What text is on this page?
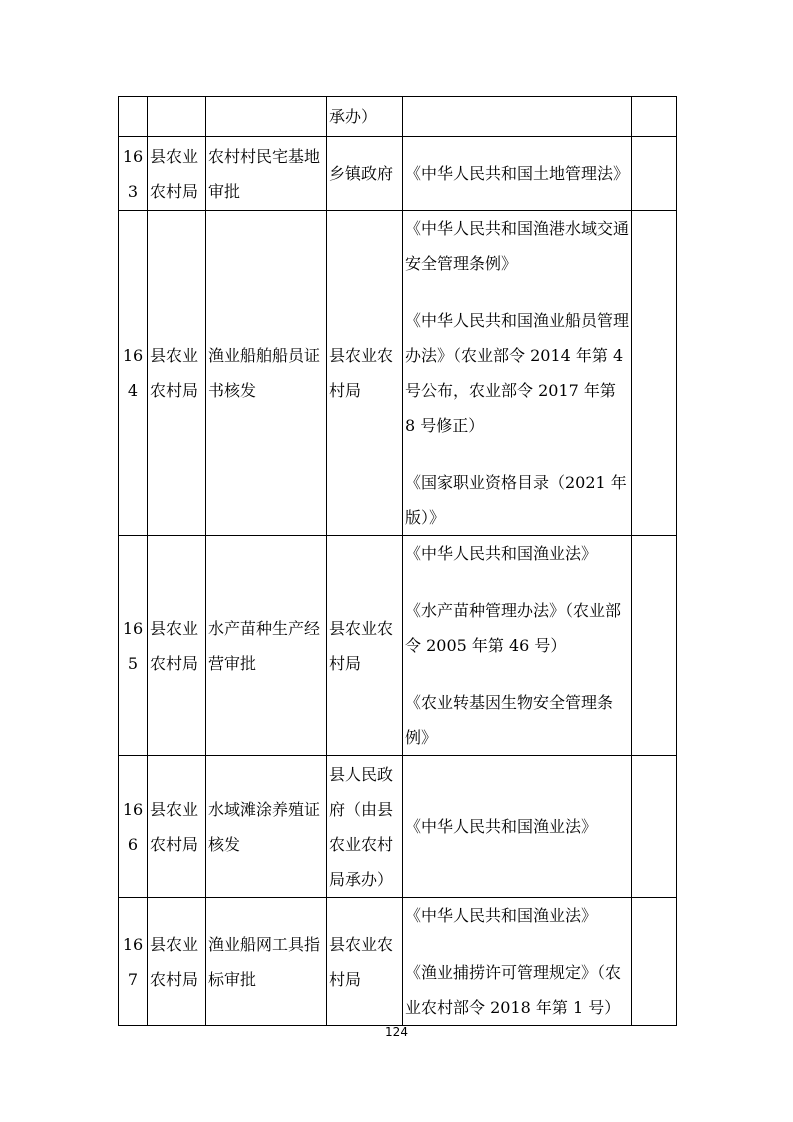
			承办）	

163	县农业农村局	农村村民宅基地审批	乡镇政府	《中华人民共和国土地管理法》	

164	县农业农村局	渔业船舶船员证书核发	县农业农村局	《中华人民共和国渔港水域交通安全管理条例》
《中华人民共和国渔业船员管理办法》（农业部令 2014 年第 4 号公布，农业部令 2017 年第 8 号修正）
《国家职业资格目录（2021 年版）》	

165	县农业农村局	水产苗种生产经营审批	县农业农村局	《中华人民共和国渔业法》
《水产苗种管理办法》（农业部令 2005 年第 46 号）
《农业转基因生物安全管理条例》	

166	县农业农村局	水域滩涂养殖证核发	县人民政府（由县农业农村局承办）	《中华人民共和国渔业法》	

167	县农业农村局	渔业船网工具指标审批	县农业农村局	《中华人民共和国渔业法》
《渔业捕捞许可管理规定》（农业农村部令 2018 年第 1 号）	

124
